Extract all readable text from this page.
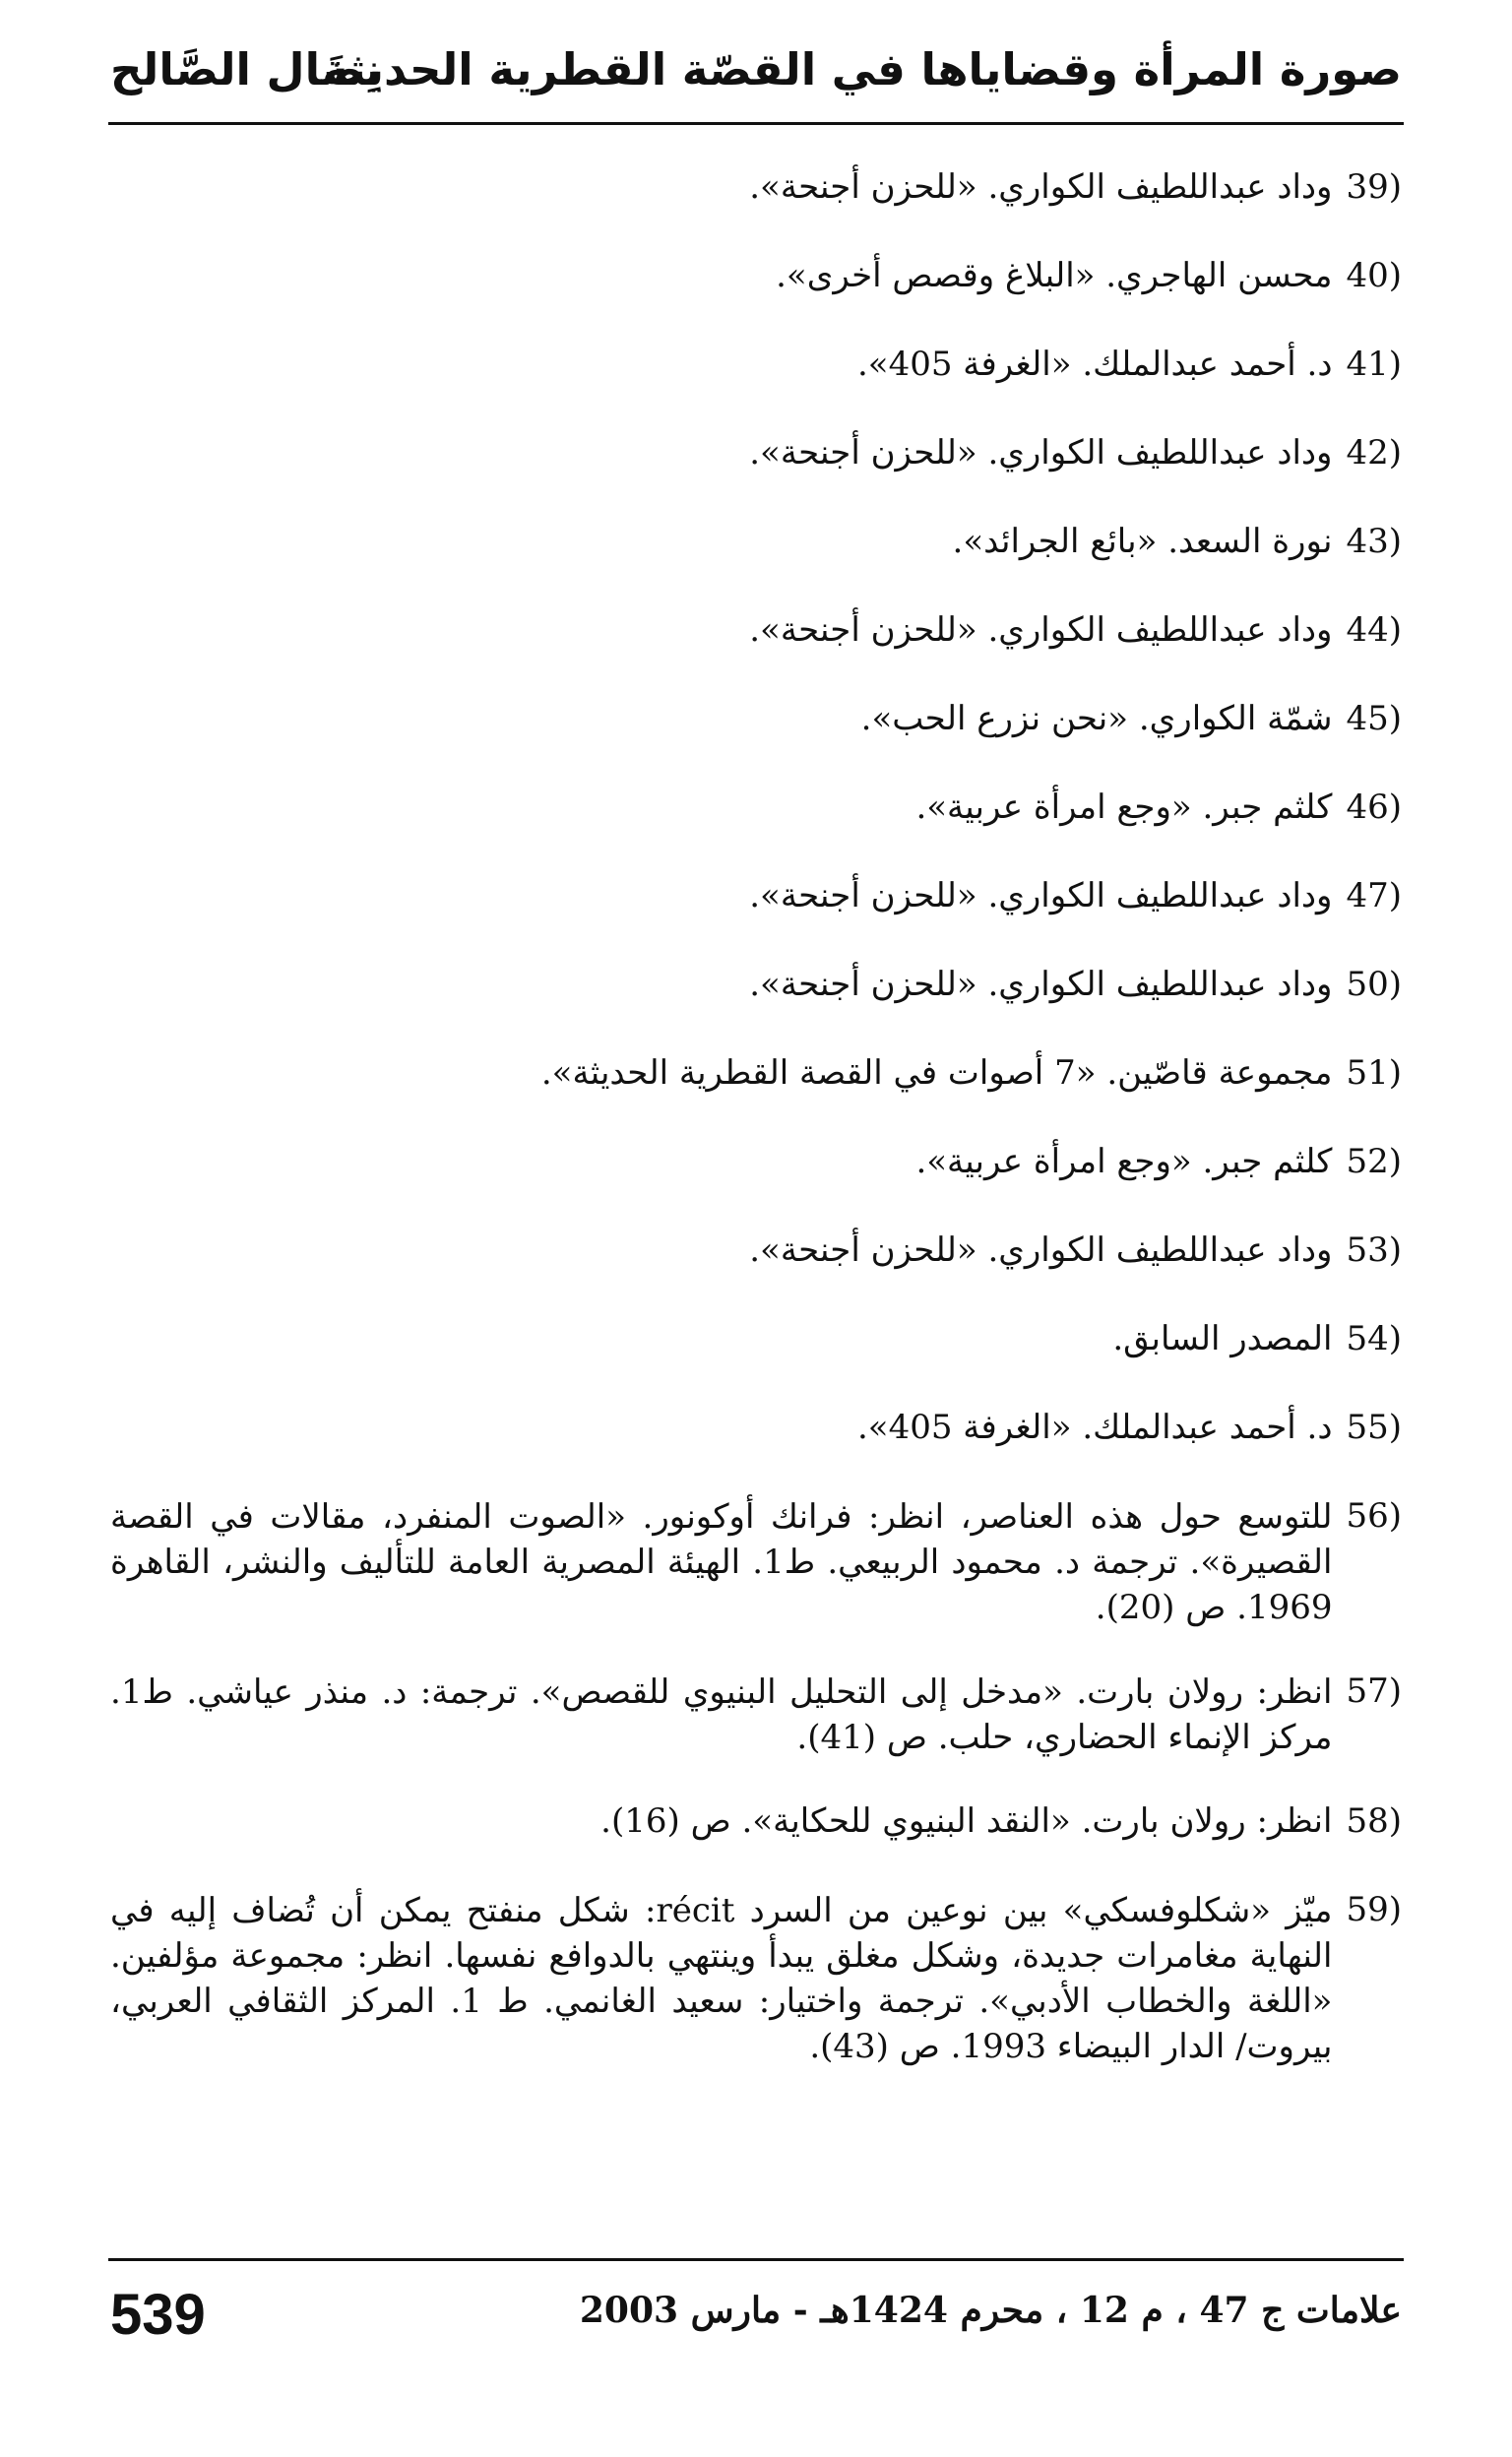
صورة المرأة وقضاياها في القصّة القطرية الحديثة
نِضَال الصَّالح
39)
وداد عبداللطيف الكواري. «للحزن أجنحة».
40)
محسن الهاجري. «البلاغ وقصص أخرى».
41)
د. أحمد عبدالملك. «الغرفة 405».
42)
وداد عبداللطيف الكواري. «للحزن أجنحة».
43)
نورة السعد. «بائع الجرائد».
44)
وداد عبداللطيف الكواري. «للحزن أجنحة».
45)
شمّة الكواري. «نحن نزرع الحب».
46)
كلثم جبر. «وجع امرأة عربية».
47)
وداد عبداللطيف الكواري. «للحزن أجنحة».
50)
وداد عبداللطيف الكواري. «للحزن أجنحة».
51)
مجموعة قاصّين. «7 أصوات في القصة القطرية الحديثة».
52)
كلثم جبر. «وجع امرأة عربية».
53)
وداد عبداللطيف الكواري. «للحزن أجنحة».
54)
المصدر السابق.
55)
د. أحمد عبدالملك. «الغرفة 405».
56)
للتوسع حول هذه العناصر، انظر: فرانك أوكونور. «الصوت المنفرد، مقالات في القصة القصيرة». ترجمة د. محمود الربيعي. ط1. الهيئة المصرية العامة للتأليف والنشر، القاهرة 1969. ص (20).
57)
انظر: رولان بارت. «مدخل إلى التحليل البنيوي للقصص». ترجمة: د. منذر عياشي. ط1. مركز الإنماء الحضاري، حلب. ص (41).
58)
انظر: رولان بارت. «النقد البنيوي للحكاية». ص (16).
59)
ميّز «شكلوفسكي» بين نوعين من السرد récit: شكل منفتح يمكن أن تُضاف إليه في النهاية مغامرات جديدة، وشكل مغلق يبدأ وينتهي بالدوافع نفسها. انظر: مجموعة مؤلفين. «اللغة والخطاب الأدبي». ترجمة واختيار: سعيد الغانمي. ط 1. المركز الثقافي العربي، بيروت/ الدار البيضاء 1993. ص (43).
539	علامات ج 47 ، م 12 ، محرم 1424هـ - مارس 2003
